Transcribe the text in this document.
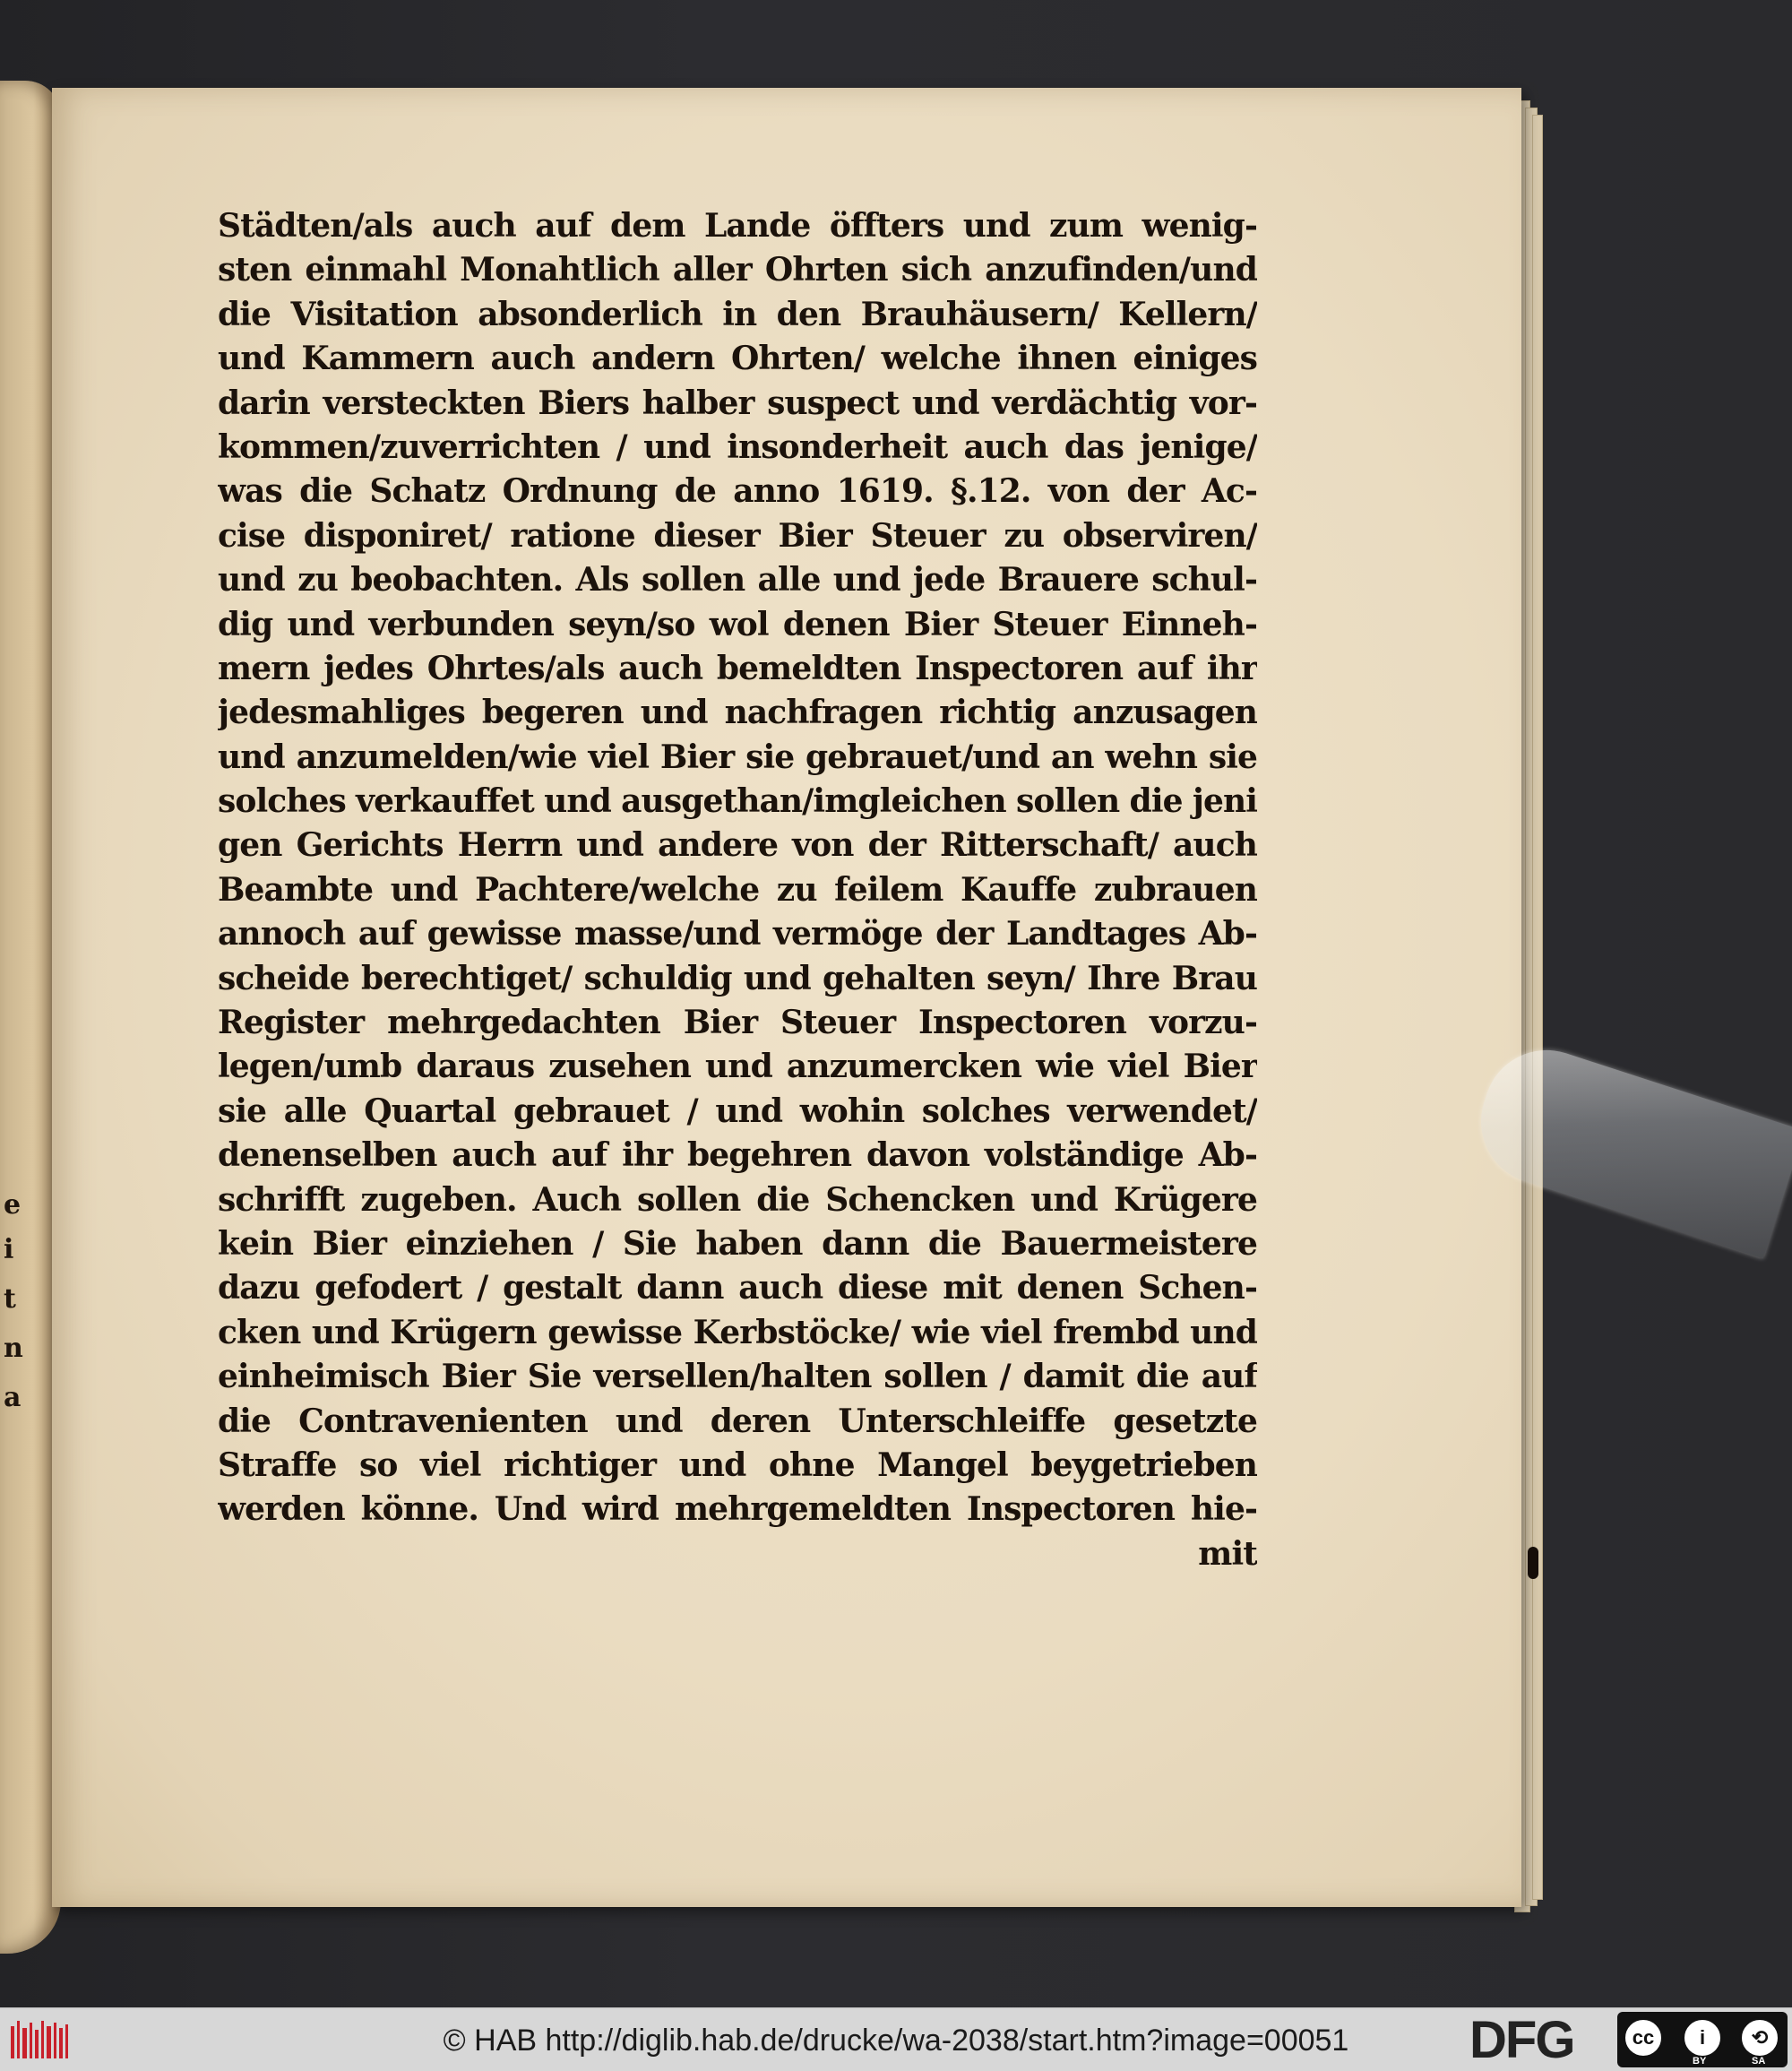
e
i
t
n
a
Städten/als auch auf dem Lande öffters und zum wenig-
sten einmahl Monahtlich aller Ohrten sich anzufinden/und
die Visitation absonderlich in den Brauhäusern/ Kellern/
und Kammern auch andern Ohrten/ welche ihnen einiges
darin versteckten Biers halber suspect und verdächtig vor-
kommen/zuverrichten / und insonderheit auch das jenige/
was die Schatz Ordnung de anno 1619. §.12. von der Ac-
cise disponiret/ ratione dieser Bier Steuer zu observiren/
und zu beobachten. Als sollen alle und jede Brauere schul-
dig und verbunden seyn/so wol denen Bier Steuer Einneh-
mern jedes Ohrtes/als auch bemeldten Inspectoren auf ihr
jedesmahliges begeren und nachfragen richtig anzusagen
und anzumelden/wie viel Bier sie gebrauet/und an wehn sie
solches verkauffet und ausgethan/imgleichen sollen die jeni
gen Gerichts Herrn und andere von der Ritterschaft/ auch
Beambte und Pachtere/welche zu feilem Kauffe zubrauen
annoch auf gewisse masse/und vermöge der Landtages Ab-
scheide berechtiget/ schuldig und gehalten seyn/ Ihre Brau
Register mehrgedachten Bier Steuer Inspectoren vorzu-
legen/umb daraus zusehen und anzumercken wie viel Bier
sie alle Quartal gebrauet / und wohin solches verwendet/
denenselben auch auf ihr begehren davon volständige Ab-
schrifft zugeben. Auch sollen die Schencken und Krügere
kein Bier einziehen / Sie haben dann die Bauermeistere
dazu gefodert / gestalt dann auch diese mit denen Schen-
cken und Krügern gewisse Kerbstöcke/ wie viel frembd und
einheimisch Bier Sie versellen/halten sollen / damit die auf
die Contravenienten und deren Unterschleiffe gesetzte
Straffe so viel richtiger und ohne Mangel beygetrieben
werden könne. Und wird mehrgemeldten Inspectoren hie-
mit
© HAB http://diglib.hab.de/drucke/wa-2038/start.htm?image=00051	DFG	cc	i	⟲
BY	SA
